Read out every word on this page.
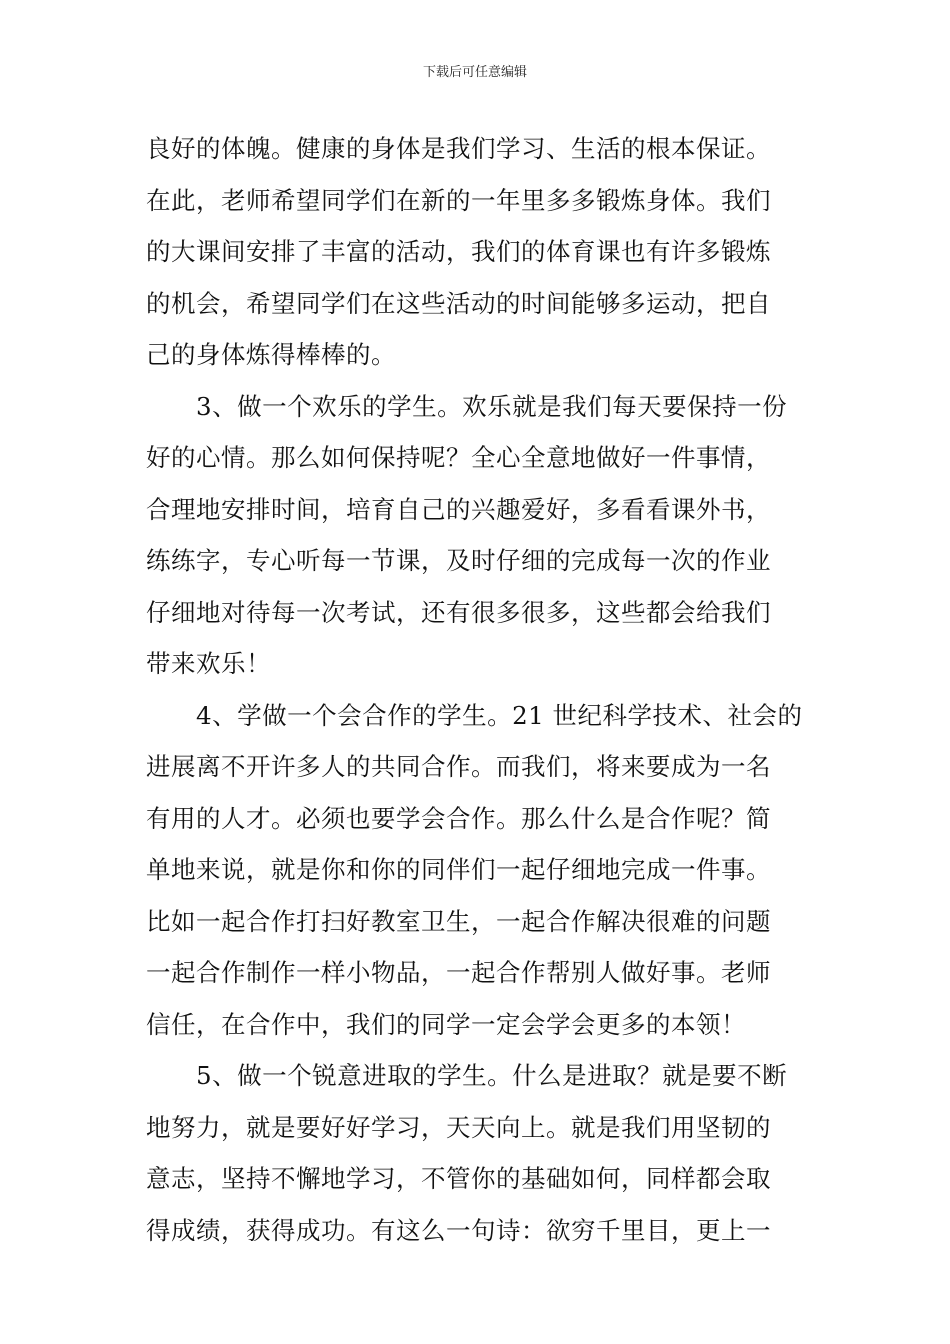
下载后可任意编辑
良好的体魄。健康的身体是我们学习、生活的根本保证。
在此，老师希望同学们在新的一年里多多锻炼身体。我们
的大课间安排了丰富的活动，我们的体育课也有许多锻炼
的机会，希望同学们在这些活动的时间能够多运动，把自
己的身体炼得棒棒的。
3、做一个欢乐的学生。欢乐就是我们每天要保持一份
好的心情。那么如何保持呢？全心全意地做好一件事情，
合理地安排时间，培育自己的兴趣爱好，多看看课外书，
练练字，专心听每一节课，及时仔细的完成每一次的作业
仔细地对待每一次考试，还有很多很多，这些都会给我们
带来欢乐！
4、学做一个会合作的学生。21 世纪科学技术、社会的
进展离不开许多人的共同合作。而我们，将来要成为一名
有用的人才。必须也要学会合作。那么什么是合作呢？简
单地来说，就是你和你的同伴们一起仔细地完成一件事。
比如一起合作打扫好教室卫生，一起合作解决很难的问题
一起合作制作一样小物品，一起合作帮别人做好事。老师
信任，在合作中，我们的同学一定会学会更多的本领！
5、做一个锐意进取的学生。什么是进取？就是要不断
地努力，就是要好好学习，天天向上。就是我们用坚韧的
意志，坚持不懈地学习，不管你的基础如何，同样都会取
得成绩，获得成功。有这么一句诗：欲穷千里目，更上一
